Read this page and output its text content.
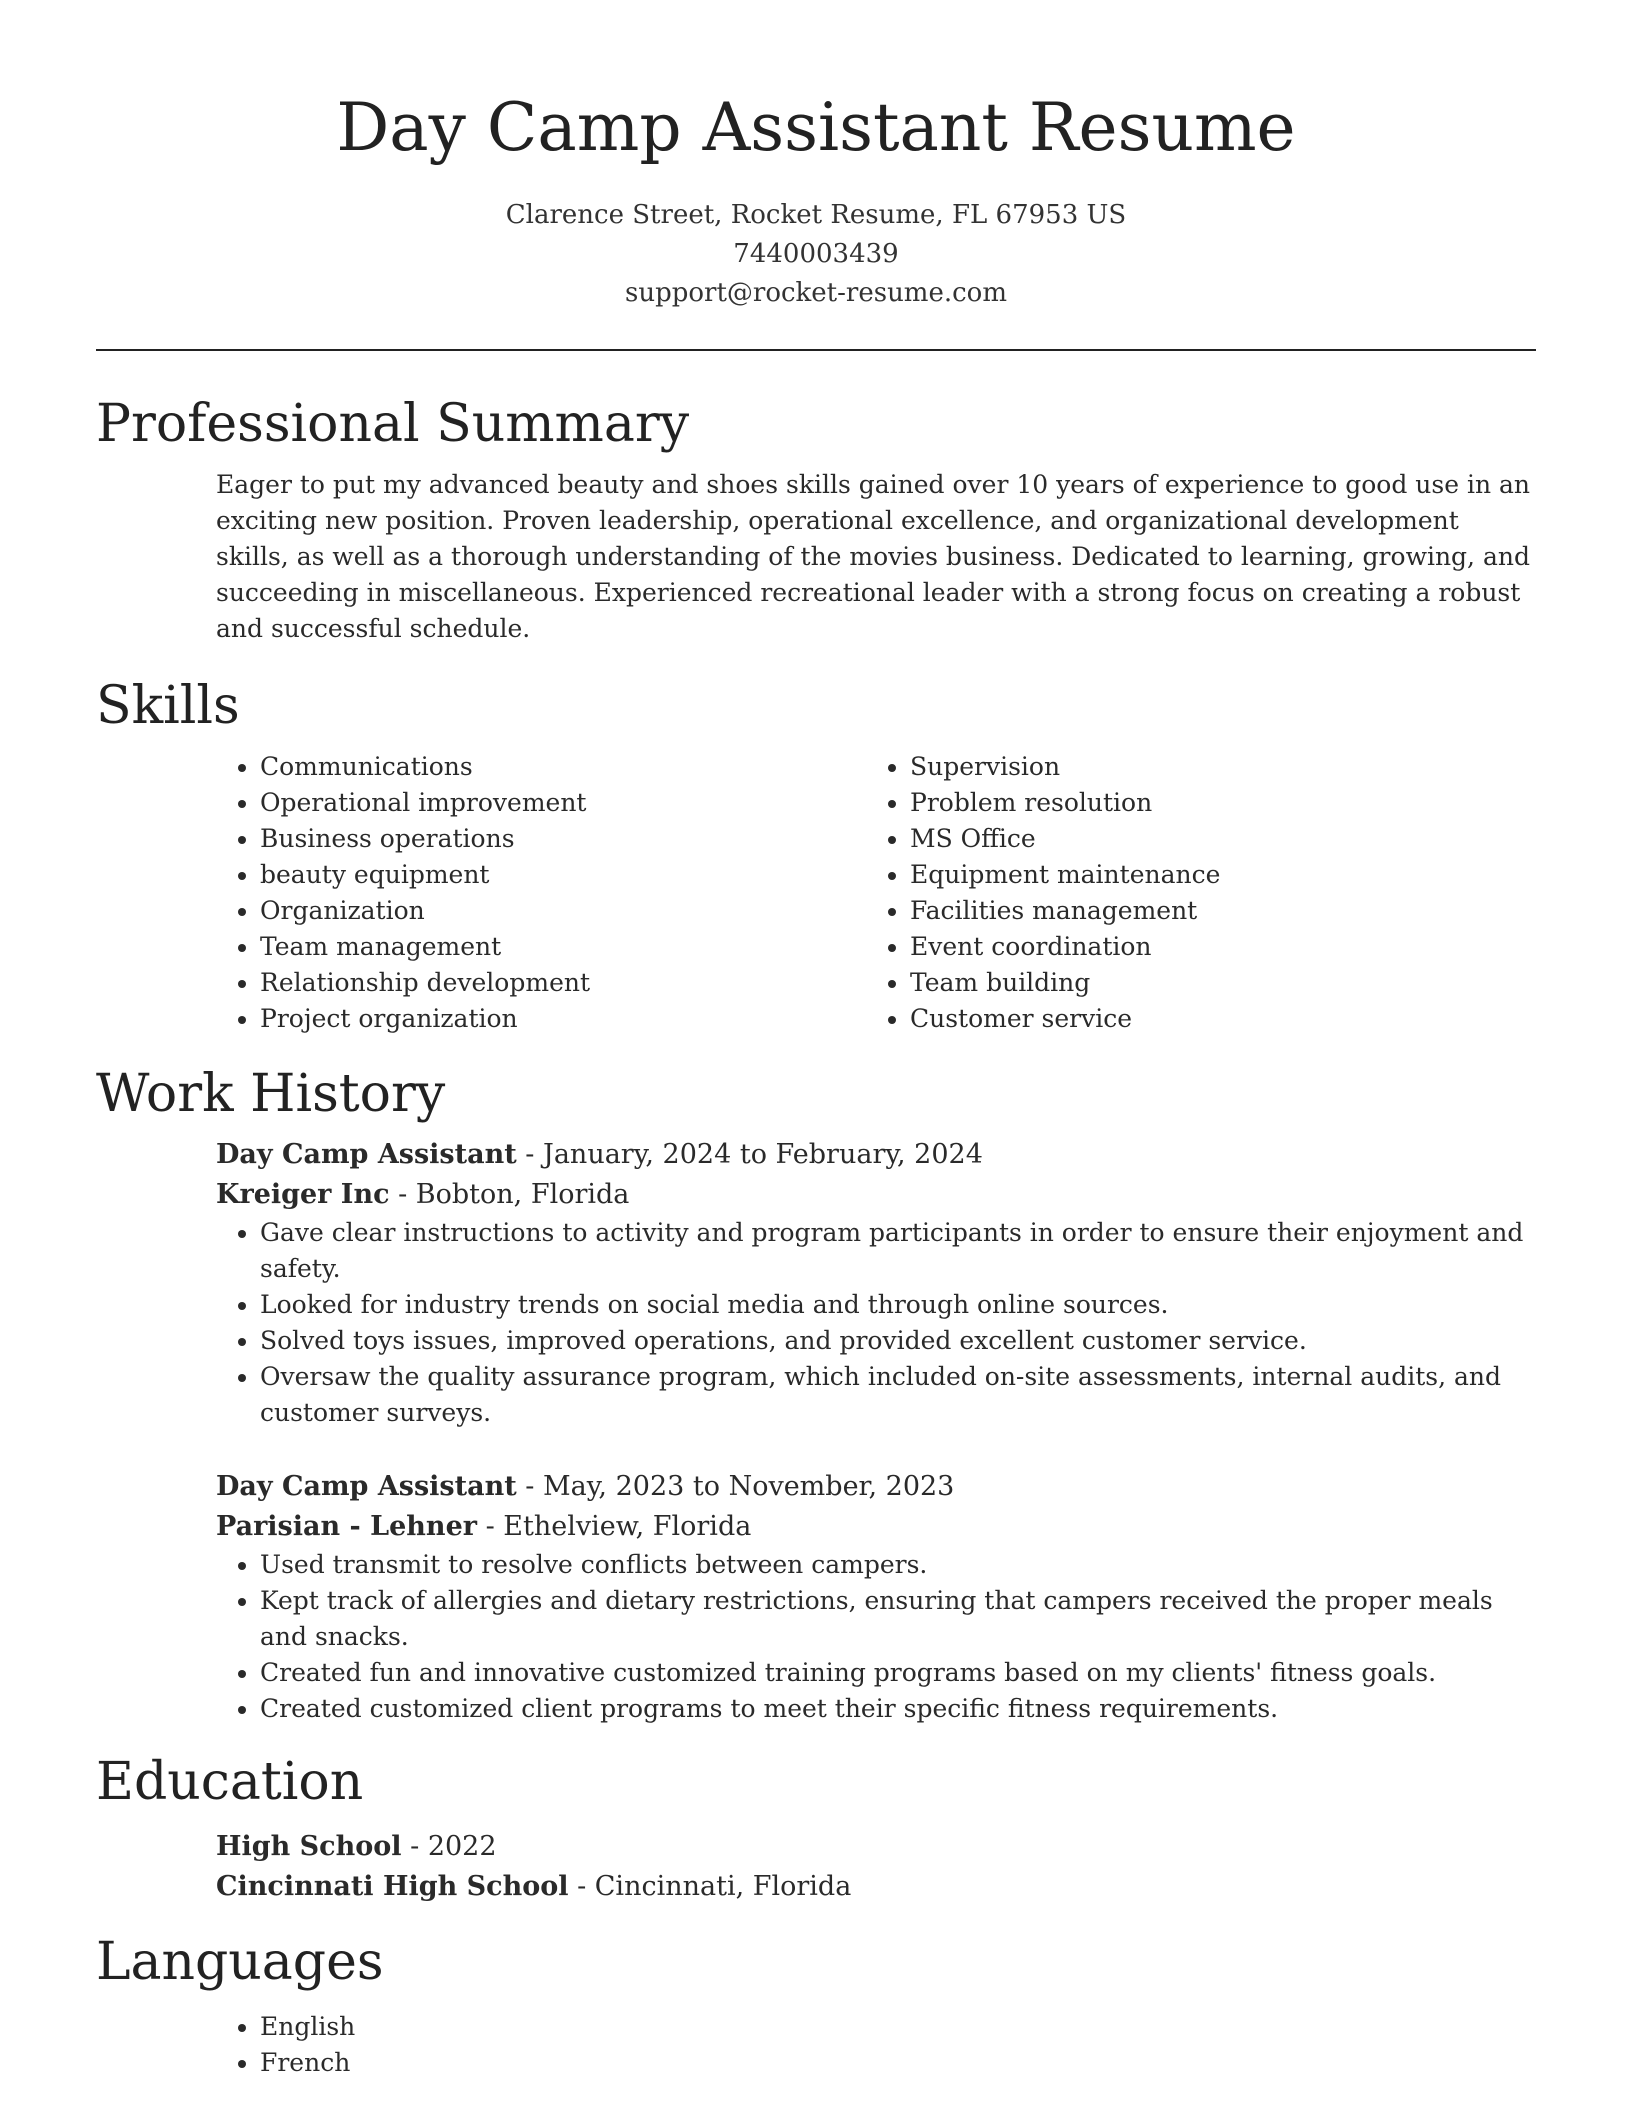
Day Camp Assistant Resume
Clarence Street, Rocket Resume, FL 67953 US
7440003439
support@rocket-resume.com
Professional Summary

Eager to put my advanced beauty and shoes skills gained over 10 years of experience to good use in an exciting new position. Proven leadership, operational excellence, and organizational development skills, as well as a thorough understanding of the movies business. Dedicated to learning, growing, and succeeding in miscellaneous. Experienced recreational leader with a strong focus on creating a robust and successful schedule.

Skills
• Communications
• Operational improvement
• Business operations
• beauty equipment
• Organization
• Team management
• Relationship development
• Project organization
• Supervision
• Problem resolution
• MS Office
• Equipment maintenance
• Facilities management
• Event coordination
• Team building
• Customer service
Work History
Day Camp Assistant - January, 2024 to February, 2024
Kreiger Inc - Bobton, Florida
• Gave clear instructions to activity and program participants in order to ensure their enjoyment and safety.
• Looked for industry trends on social media and through online sources.
• Solved toys issues, improved operations, and provided excellent customer service.
• Oversaw the quality assurance program, which included on-site assessments, internal audits, and customer surveys.
Day Camp Assistant - May, 2023 to November, 2023
Parisian - Lehner - Ethelview, Florida
• Used transmit to resolve conflicts between campers.
• Kept track of allergies and dietary restrictions, ensuring that campers received the proper meals and snacks.
• Created fun and innovative customized training programs based on my clients' fitness goals.
• Created customized client programs to meet their specific fitness requirements.
Education
High School - 2022
Cincinnati High School - Cincinnati, Florida
Languages
• English
• French
